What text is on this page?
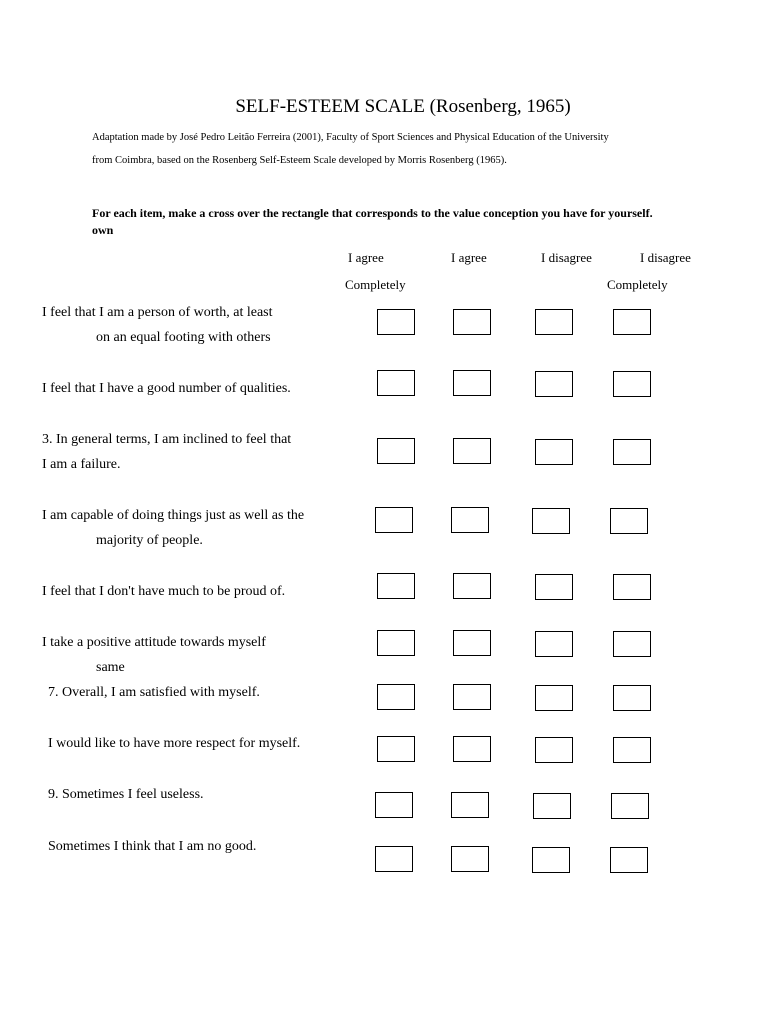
SELF-ESTEEM SCALE (Rosenberg, 1965)
Adaptation made by José Pedro Leitão Ferreira (2001), Faculty of Sport Sciences and Physical Education of the University
from Coimbra, based on the Rosenberg Self-Esteem Scale developed by Morris Rosenberg (1965).
For each item, make a cross over the rectangle that corresponds to the value conception you have for yourself.
own
I agree
Completely
I agree	I disagree	I disagree
Completely
I feel that I am a person of worth, at least
on an equal footing with others
I feel that I have a good number of qualities.
3. In general terms, I am inclined to feel that
I am a failure.
I am capable of doing things just as well as the
majority of people.
I feel that I don't have much to be proud of.
I take a positive attitude towards myself
same
7. Overall, I am satisfied with myself.
I would like to have more respect for myself.
9. Sometimes I feel useless.
Sometimes I think that I am no good.
